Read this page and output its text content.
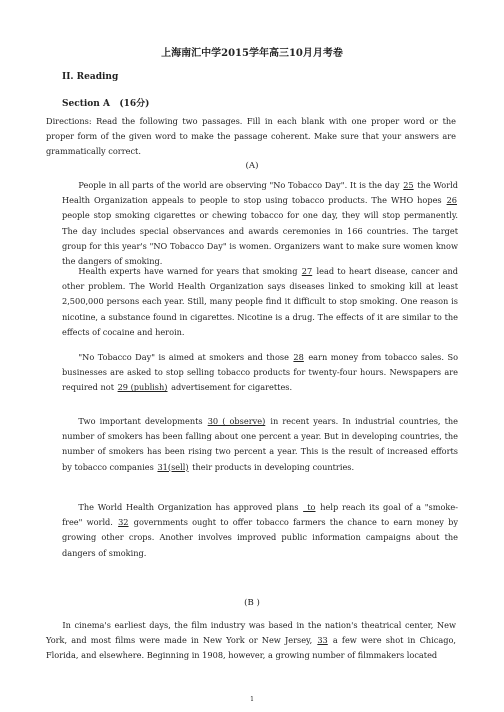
上海南汇中学2015学年高三10月月考卷
II. Reading
Section A (16分)

Directions: Read the following two passages. Fill in each blank with one proper word or the proper form of the given word to make the passage coherent. Make sure that your answers are grammatically correct.

(A)

People in all parts of the world are observing "No Tobacco Day". It is the day 25 the World Health Organization appeals to people to stop using tobacco products. The WHO hopes 26 people stop smoking cigarettes or chewing tobacco for one day, they will stop permanently. The day includes special observances and awards ceremonies in 166 countries. The target group for this year's "NO Tobacco Day" is women. Organizers want to make sure women know the dangers of smoking.

Health experts have warned for years that smoking 27 lead to heart disease, cancer and other problem. The World Health Organization says diseases linked to smoking kill at least 2,500,000 persons each year. Still, many people find it difficult to stop smoking. One reason is nicotine, a substance found in cigarettes. Nicotine is a drug. The effects of it are similar to the effects of cocaine and heroin.

"No Tobacco Day" is aimed at smokers and those 28 earn money from tobacco sales. So businesses are asked to stop selling tobacco products for twenty-four hours. Newspapers are required not 29 (publish) advertisement for cigarettes.

Two important developments 30 ( observe) in recent years. In industrial countries, the number of smokers has been falling about one percent a year. But in developing countries, the number of smokers has been rising two percent a year. This is the result of increased efforts by tobacco companies 31(sell) their products in developing countries.

The World Health Organization has approved plans _to help reach its goal of a "smoke-free" world. 32 governments ought to offer tobacco farmers the chance to earn money by growing other crops. Another involves improved public information campaigns about the dangers of smoking.

(B )

In cinema's earliest days, the film industry was based in the nation's theatrical center, New York, and most films were made in New York or New Jersey, 33 a few were shot in Chicago, Florida, and elsewhere. Beginning in 1908, however, a growing number of filmmakers located

1
